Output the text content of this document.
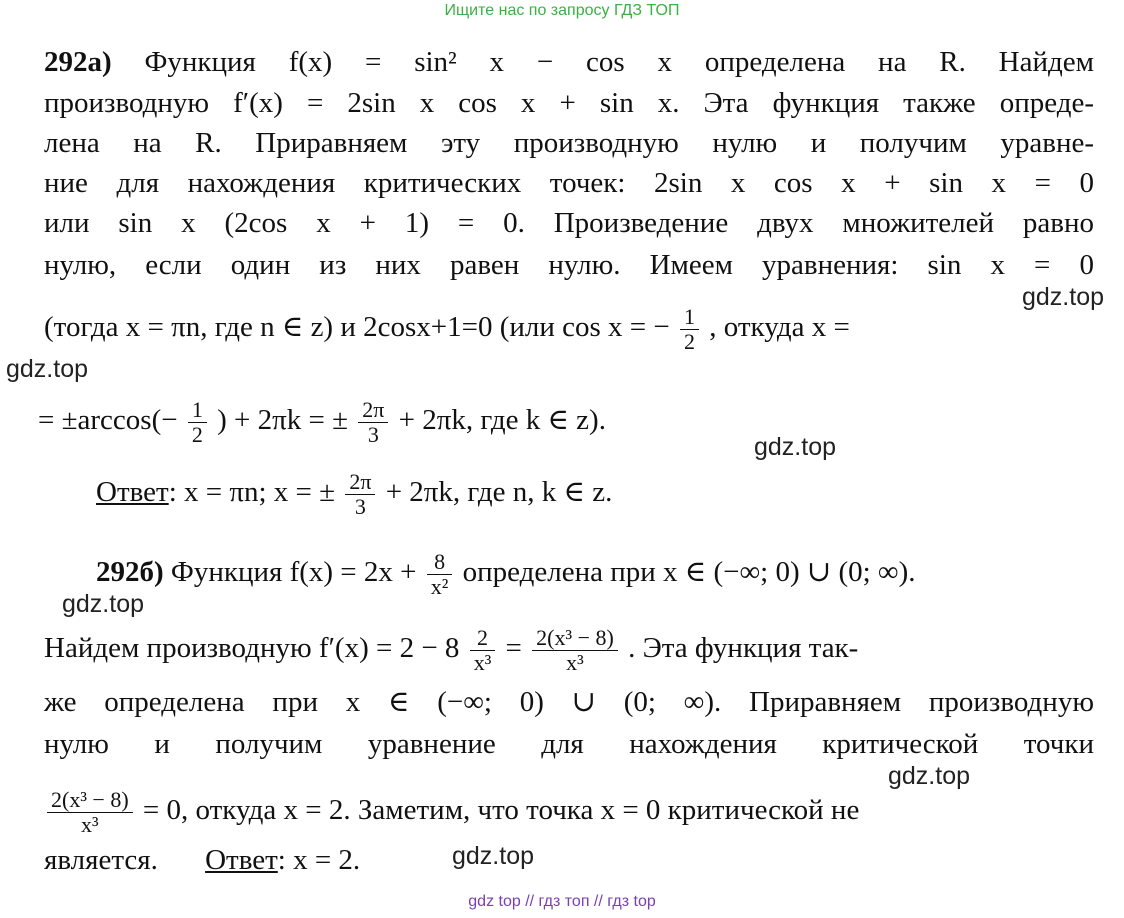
Ищите нас по запросу ГДЗ ТОП
292а) Функция f(x) = sin² x − cos x определена на R. Найдем
производную f′(x) = 2sin x cos x + sin x. Эта функция также опреде-
лена на R. Приравняем эту производную нулю и получим уравне-
ние для нахождения критических точек: 2sin x cos x + sin x = 0
или sin x (2cos x + 1) = 0. Произведение двух множителей равно
нулю, если один из них равен нулю. Имеем уравнения: sin x = 0
(тогда x = πn, где n ∈ z) и 2cosx+1=0 (или cos x = − $\frac{1}{2}$ , откуда x =
= $\pm\arccos(- \frac{1}{2}$ ) + 2πk = ± $\frac{2\pi}{3} + 2\pi k$, где k ∈ z).
Ответ: x = πn; x = ± $\frac{2\pi}{3} + 2\pi k$, где n, k ∈ z.
292б) Функция $f(x) = 2x + \frac{8}{\text{x²}}$ определена при x ∈ (−∞; 0) ∪ (0; ∞).
Найдем производную $f'(x) = 2 - 8 \frac{2}{\text{x³}} = \frac{\text{2(x³ − 8)}}{\text{x³}}$ . Эта функция так-
же определена при x ∈ (−∞; 0) ∪ (0; ∞). Приравняем производную
нулю и получим уравнение для нахождения критической точки
$\frac{\text{2(x³ − 8)}}{\text{x³}} = 0$, откуда x = 2. Заметим, что точка x = 0 критической не
является. Ответ: x = 2.
gdz.top
gdz.top
gdz.top
gdz.top
gdz.top
gdz.top
gdz top // гдз топ // гдз top
